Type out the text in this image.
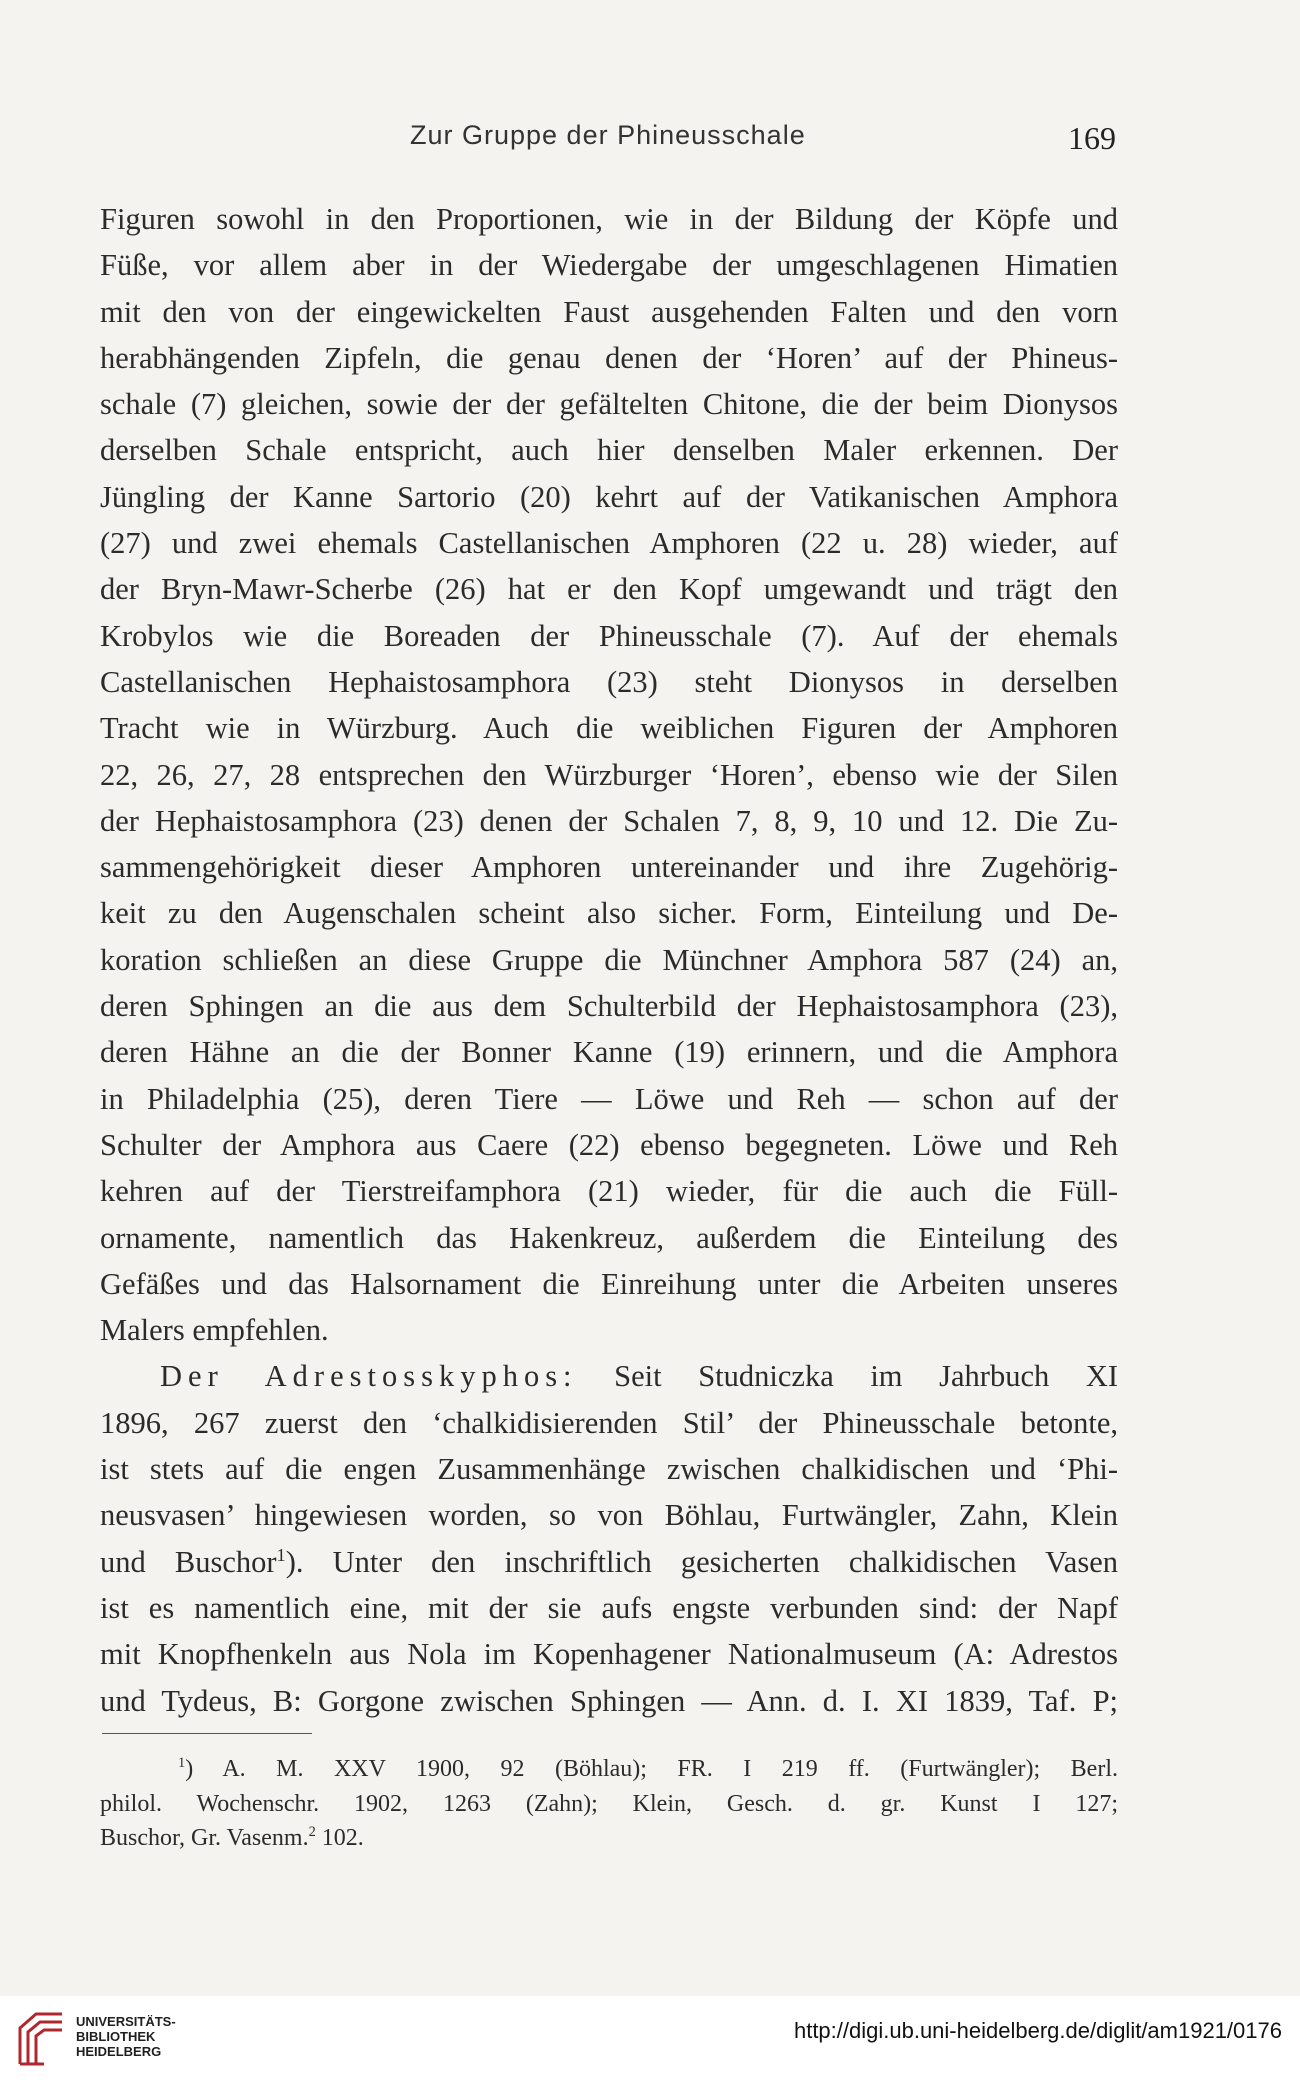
Zur Gruppe der Phineusschale	169
Figuren sowohl in den Proportionen, wie in der Bildung der Köpfe und
Füße, vor allem aber in der Wiedergabe der umgeschlagenen Himatien
mit den von der eingewickelten Faust ausgehenden Falten und den vorn
herabhängenden Zipfeln, die genau denen der ‘Horen’ auf der Phineus-
schale (7) gleichen, sowie der der gefältelten Chitone, die der beim Dionysos
derselben Schale entspricht, auch hier denselben Maler erkennen. Der
Jüngling der Kanne Sartorio (20) kehrt auf der Vatikanischen Amphora
(27) und zwei ehemals Castellanischen Amphoren (22 u. 28) wieder, auf
der Bryn-Mawr-Scherbe (26) hat er den Kopf umgewandt und trägt den
Krobylos wie die Boreaden der Phineusschale (7). Auf der ehemals
Castellanischen Hephaistosamphora (23) steht Dionysos in derselben
Tracht wie in Würzburg. Auch die weiblichen Figuren der Amphoren
22, 26, 27, 28 entsprechen den Würzburger ‘Horen’, ebenso wie der Silen
der Hephaistosamphora (23) denen der Schalen 7, 8, 9, 10 und 12. Die Zu-
sammengehörigkeit dieser Amphoren untereinander und ihre Zugehörig-
keit zu den Augenschalen scheint also sicher. Form, Einteilung und De-
koration schließen an diese Gruppe die Münchner Amphora 587 (24) an,
deren Sphingen an die aus dem Schulterbild der Hephaistosamphora (23),
deren Hähne an die der Bonner Kanne (19) erinnern, und die Amphora
in Philadelphia (25), deren Tiere — Löwe und Reh — schon auf der
Schulter der Amphora aus Caere (22) ebenso begegneten. Löwe und Reh
kehren auf der Tierstreifamphora (21) wieder, für die auch die Füll-
ornamente, namentlich das Hakenkreuz, außerdem die Einteilung des
Gefäßes und das Halsornament die Einreihung unter die Arbeiten unseres
Malers empfehlen.
Der Adrestosskyphos: Seit Studniczka im Jahrbuch XI
1896, 267 zuerst den ‘chalkidisierenden Stil’ der Phineusschale betonte,
ist stets auf die engen Zusammenhänge zwischen chalkidischen und ‘Phi-
neusvasen’ hingewiesen worden, so von Böhlau, Furtwängler, Zahn, Klein
und Buschor$^1$). Unter den inschriftlich gesicherten chalkidischen Vasen
ist es namentlich eine, mit der sie aufs engste verbunden sind: der Napf
mit Knopfhenkeln aus Nola im Kopenhagener Nationalmuseum (A: Adrestos
und Tydeus, B: Gorgone zwischen Sphingen — Ann. d. I. XI 1839, Taf. P;
$^1$) A. M. XXV 1900, 92 (Böhlau); FR. I 219 ff. (Furtwängler); Berl.
philol. Wochenschr. 1902, 1263 (Zahn); Klein, Gesch. d. gr. Kunst I 127;
Buschor, Gr. Vasenm.$^2$ 102.
UNIVERSITÄTS-
BIBLIOTHEK
HEIDELBERG
http://digi.ub.uni-heidelberg.de/diglit/am1921/0176
